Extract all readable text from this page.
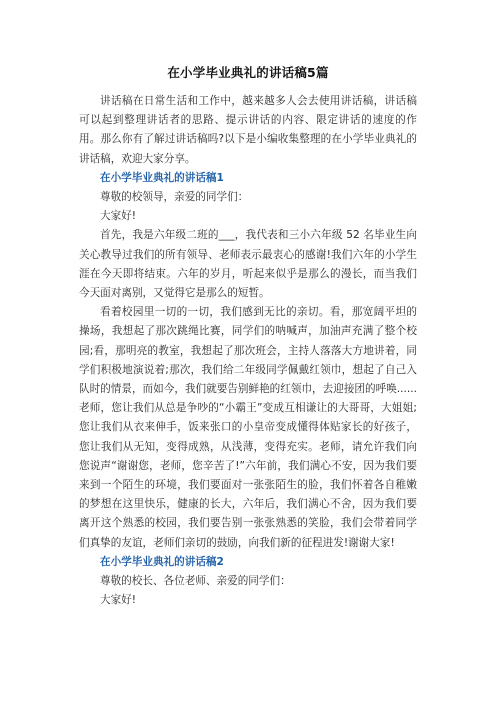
在小学毕业典礼的讲话稿5篇

讲话稿在日常生活和工作中，越来越多人会去使用讲话稿，讲话稿可以起到整理讲话者的思路、提示讲话的内容、限定讲话的速度的作用。那么你有了解过讲话稿吗?以下是小编收集整理的在小学毕业典礼的讲话稿，欢迎大家分享。

在小学毕业典礼的讲话稿1

尊敬的校领导，亲爱的同学们：

大家好!

首先，我是六年级二班的___，我代表和三小六年级 52 名毕业生向关心教导过我们的所有领导、老师表示最衷心的感谢!我们六年的小学生涯在今天即将结束。六年的岁月，听起来似乎是那么的漫长，而当我们今天面对离别，又觉得它是那么的短暂。

看着校园里一切的一切，我们感到无比的亲切。看，那宽阔平坦的操场，我想起了那次跳绳比赛，同学们的呐喊声，加油声充满了整个校园;看，那明亮的教室，我想起了那次班会，主持人落落大方地讲着，同学们积极地演说着;那次，我们给二年级同学佩戴红领巾，想起了自己入队时的情景，而如今，我们就要告别鲜艳的红领巾，去迎接团的呼唤......老师，您让我们从总是争吵的“小霸王”变成互相谦让的大哥哥，大姐姐;您让我们从衣来伸手，饭来张口的小皇帝变成懂得体贴家长的好孩子，您让我们从无知，变得成熟，从浅薄，变得充实。老师，请允许我们向您说声“谢谢您，老师，您辛苦了!”六年前，我们满心不安，因为我们要来到一个陌生的环境，我们要面对一张张陌生的脸，我们怀着各自稚嫩的梦想在这里快乐，健康的长大，六年后，我们满心不舍，因为我们要离开这个熟悉的校园，我们要告别一张张熟悉的笑脸，我们会带着同学们真挚的友谊，老师们亲切的鼓励，向我们新的征程进发!谢谢大家!

在小学毕业典礼的讲话稿2

尊敬的校长、各位老师、亲爱的同学们：

大家好!
